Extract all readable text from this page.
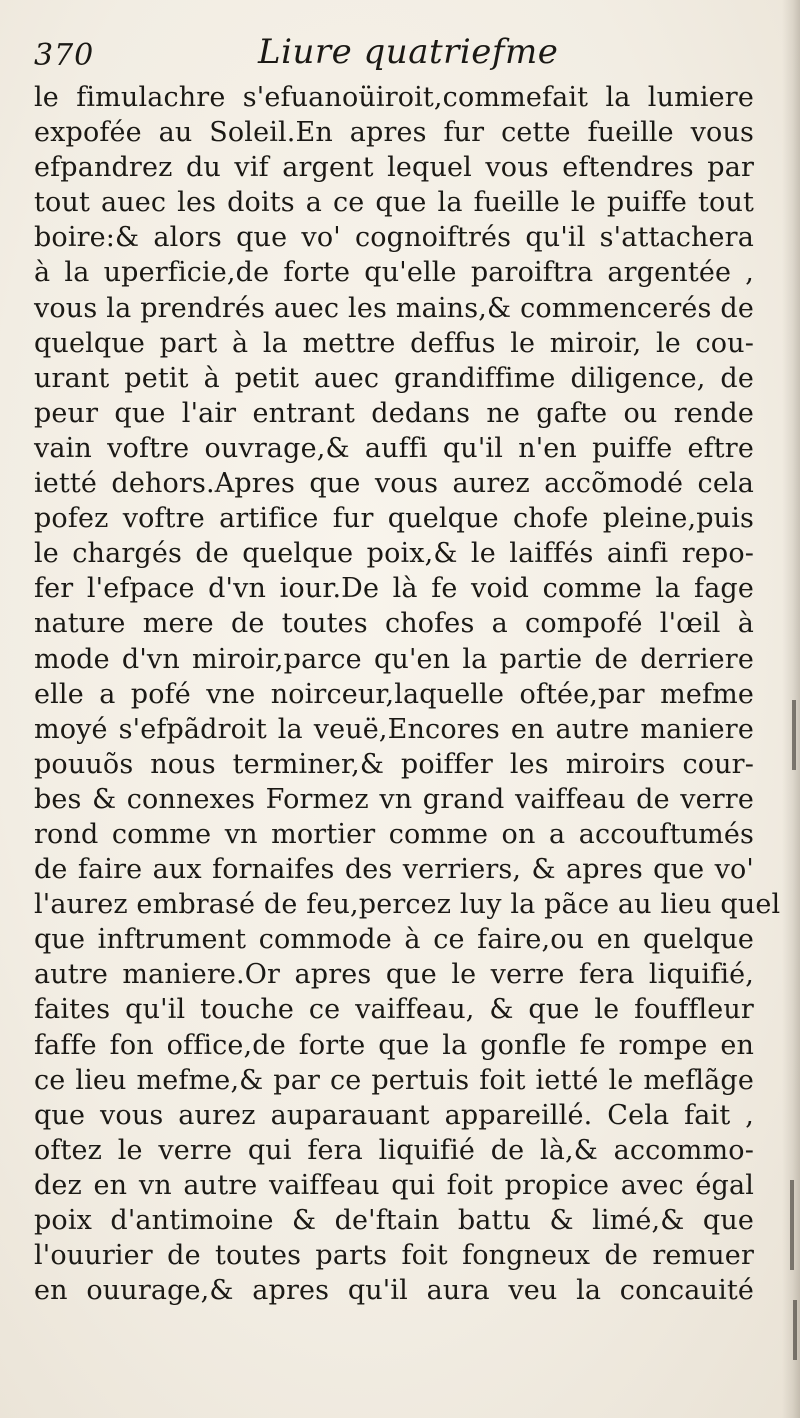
370	Liure quatriefme
le fimulachre s'efuanoüiroit,commefait la lumiere
expofée au Soleil.En apres fur cette fueille vous
efpandrez du vif argent lequel vous eftendres par
tout auec les doits a ce que la fueille le puiffe tout
boire:& alors que vo' cognoiftrés qu'il s'attachera
à la uperficie,de forte qu'elle paroiftra argentée ,
vous la prendrés auec les mains,& commencerés de
quelque part à la mettre deffus le miroir, le cou-
urant petit à petit auec grandiffime diligence, de
peur que l'air entrant dedans ne gafte ou rende
vain voftre ouvrage,& auffi qu'il n'en puiffe eftre
ietté dehors.Apres que vous aurez accõmodé cela
pofez voftre artifice fur quelque chofe pleine,puis
le chargés de quelque poix,& le laiffés ainfi repo-
fer l'efpace d'vn iour.De là fe void comme la fage
nature mere de toutes chofes a compofé l'œil à
mode d'vn miroir,parce qu'en la partie de derriere
elle a pofé vne noirceur,laquelle oftée,par mefme
moyé s'efpãdroit la veuë,Encores en autre maniere
pouuõs nous terminer,& poiffer les miroirs cour-
bes & connexes Formez vn grand vaiffeau de verre
rond comme vn mortier comme on a accouftumés
de faire aux fornaifes des verriers, & apres que vo'
l'aurez embrasé de feu,percez luy la pãce au lieu quel
que inftrument commode à ce faire,ou en quelque
autre maniere.Or apres que le verre fera liquifié,
faites qu'il touche ce vaiffeau, & que le fouffleur
faffe fon office,de forte que la gonfle fe rompe en
ce lieu mefme,& par ce pertuis foit ietté le meflãge
que vous aurez auparauant appareillé. Cela fait ,
oftez le verre qui fera liquifié de là,& accommo-
dez en vn autre vaiffeau qui foit propice avec égal
poix d'antimoine & de'ftain battu & limé,& que
l'ouurier de toutes parts foit fongneux de remuer
en ouurage,& apres qu'il aura veu la concauité
